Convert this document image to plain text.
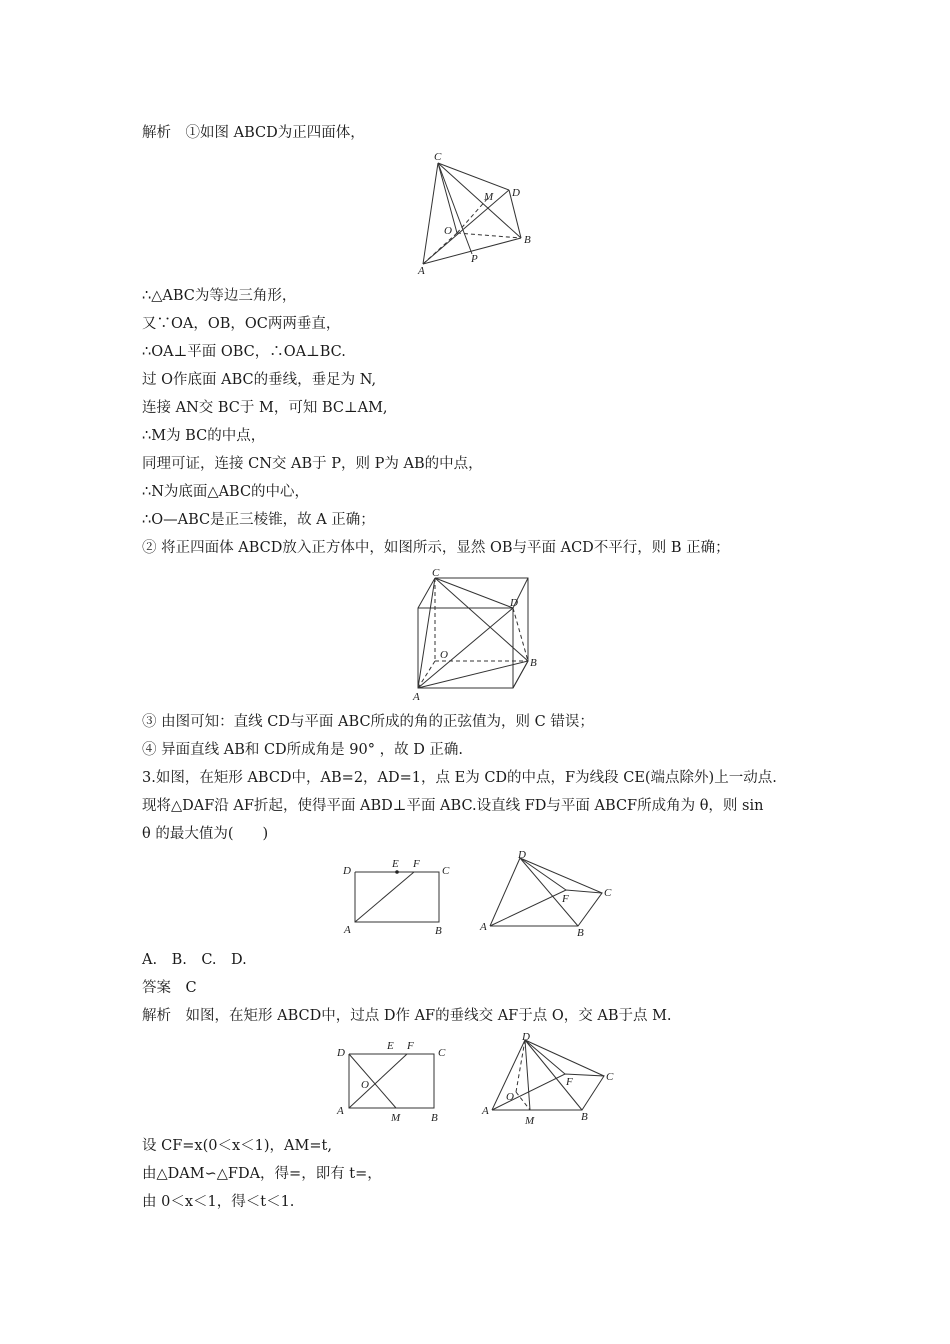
解析　①如图 ABCD为正四面体，
C
D
M
O
B
A
P
∴△ABC为等边三角形，
又∵OA，OB，OC两两垂直，
∴OA⊥平面 OBC，∴OA⊥BC.
过 O作底面 ABC的垂线，垂足为 N,
连接 AN交 BC于 M，可知 BC⊥AM,
∴M为 BC的中点，
同理可证，连接 CN交 AB于 P，则 P为 AB的中点，
∴N为底面△ABC的中心，
∴O—ABC是正三棱锥，故 A 正确；
② 将正四面体 ABCD放入正方体中，如图所示，显然 OB与平面 ACD不平行，则 B 正确；
C
D
O
B
A
③ 由图可知：直线 CD与平面 ABC所成的角的正弦值为，则 C 错误；
④ 异面直线 AB和 CD所成角是 90° ，故 D 正确.
3.如图，在矩形 ABCD中，AB=2，AD=1，点 E为 CD的中点，F为线段 CE(端点除外)上一动点.
现将△DAF沿 AF折起，使得平面 ABD⊥平面 ABC.设直线 FD与平面 ABCF所成角为 θ，则 sin
θ 的最大值为(　　)
D
E F
C
A	B
D
F	C
A	B
A.　B.　C.　D.
答案　C
解析　如图，在矩形 ABCD中，过点 D作 AF的垂线交 AF于点 O，交 AB于点 M.
D
E F
C
O
A
M	B
D
F	C
O
A
M	B
设 CF=x(0＜x＜1)，AM=t,
由△DAM∽△FDA，得=，即有 t=，
由 0＜x＜1，得＜t＜1.
